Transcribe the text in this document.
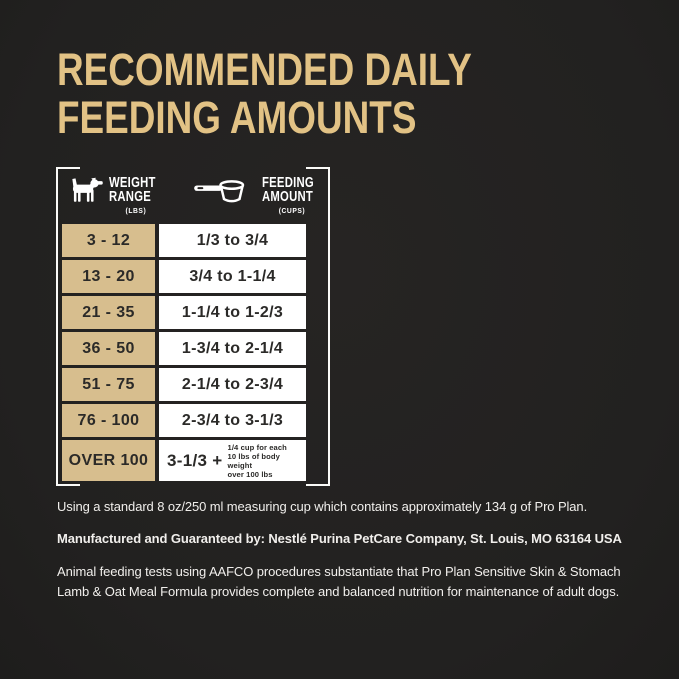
RECOMMENDED DAILY
FEEDING AMOUNTS
WEIGHT
RANGE
(LBS)
FEEDING
AMOUNT
(CUPS)
3 - 12	1/3 to 3/4
13 - 20	3/4 to 1-1/4
21 - 35	1-1/4 to 1-2/3
36 - 50	1-3/4 to 2-1/4
51 - 75	2-1/4 to 2-3/4
76 - 100	2-3/4 to 3-1/3
OVER 100	3-1/3 +
1/4 cup for each
10 lbs of body weight
over 100 lbs

Using a standard 8 oz/250 ml measuring cup which contains approximately 134 g of Pro Plan.

Manufactured and Guaranteed by: Nestlé Purina PetCare Company, St. Louis, MO 63164 USA

Animal feeding tests using AAFCO procedures substantiate that Pro Plan Sensitive Skin & Stomach
Lamb & Oat Meal Formula provides complete and balanced nutrition for maintenance of adult dogs.
